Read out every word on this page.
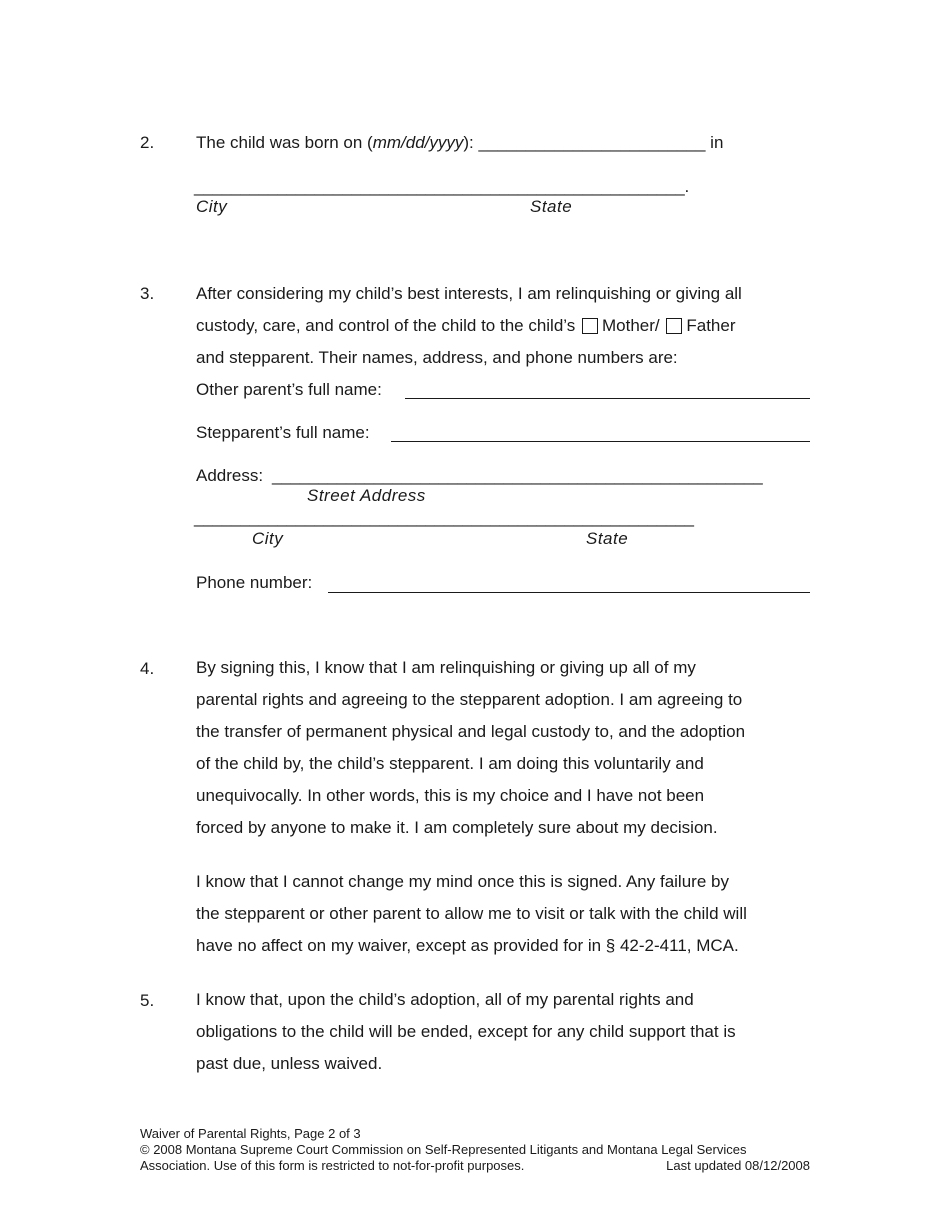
2. The child was born on (mm/dd/yyyy): ________________________ in
_____________________________________________________.
City	State
3. After considering my child’s best interests, I am relinquishing or giving all
custody, care, and control of the child to the child’s Mother/ Father
and stepparent. Their names, address, and phone numbers are:
Other parent’s full name:
Stepparent’s full name:
Address: _____________________________________________________
Street Address
______________________________________________________
City	State
Phone number:
4. By signing this, I know that I am relinquishing or giving up all of my
parental rights and agreeing to the stepparent adoption. I am agreeing to
the transfer of permanent physical and legal custody to, and the adoption
of the child by, the child’s stepparent. I am doing this voluntarily and
unequivocally. In other words, this is my choice and I have not been
forced by anyone to make it. I am completely sure about my decision.
I know that I cannot change my mind once this is signed. Any failure by
the stepparent or other parent to allow me to visit or talk with the child will
have no affect on my waiver, except as provided for in § 42-2-411, MCA.
5. I know that, upon the child’s adoption, all of my parental rights and
obligations to the child will be ended, except for any child support that is
past due, unless waived.
Waiver of Parental Rights, Page 2 of 3
© 2008 Montana Supreme Court Commission on Self-Represented Litigants and Montana Legal Services
Association. Use of this form is restricted to not-for-profit purposes.	Last updated 08/12/2008
